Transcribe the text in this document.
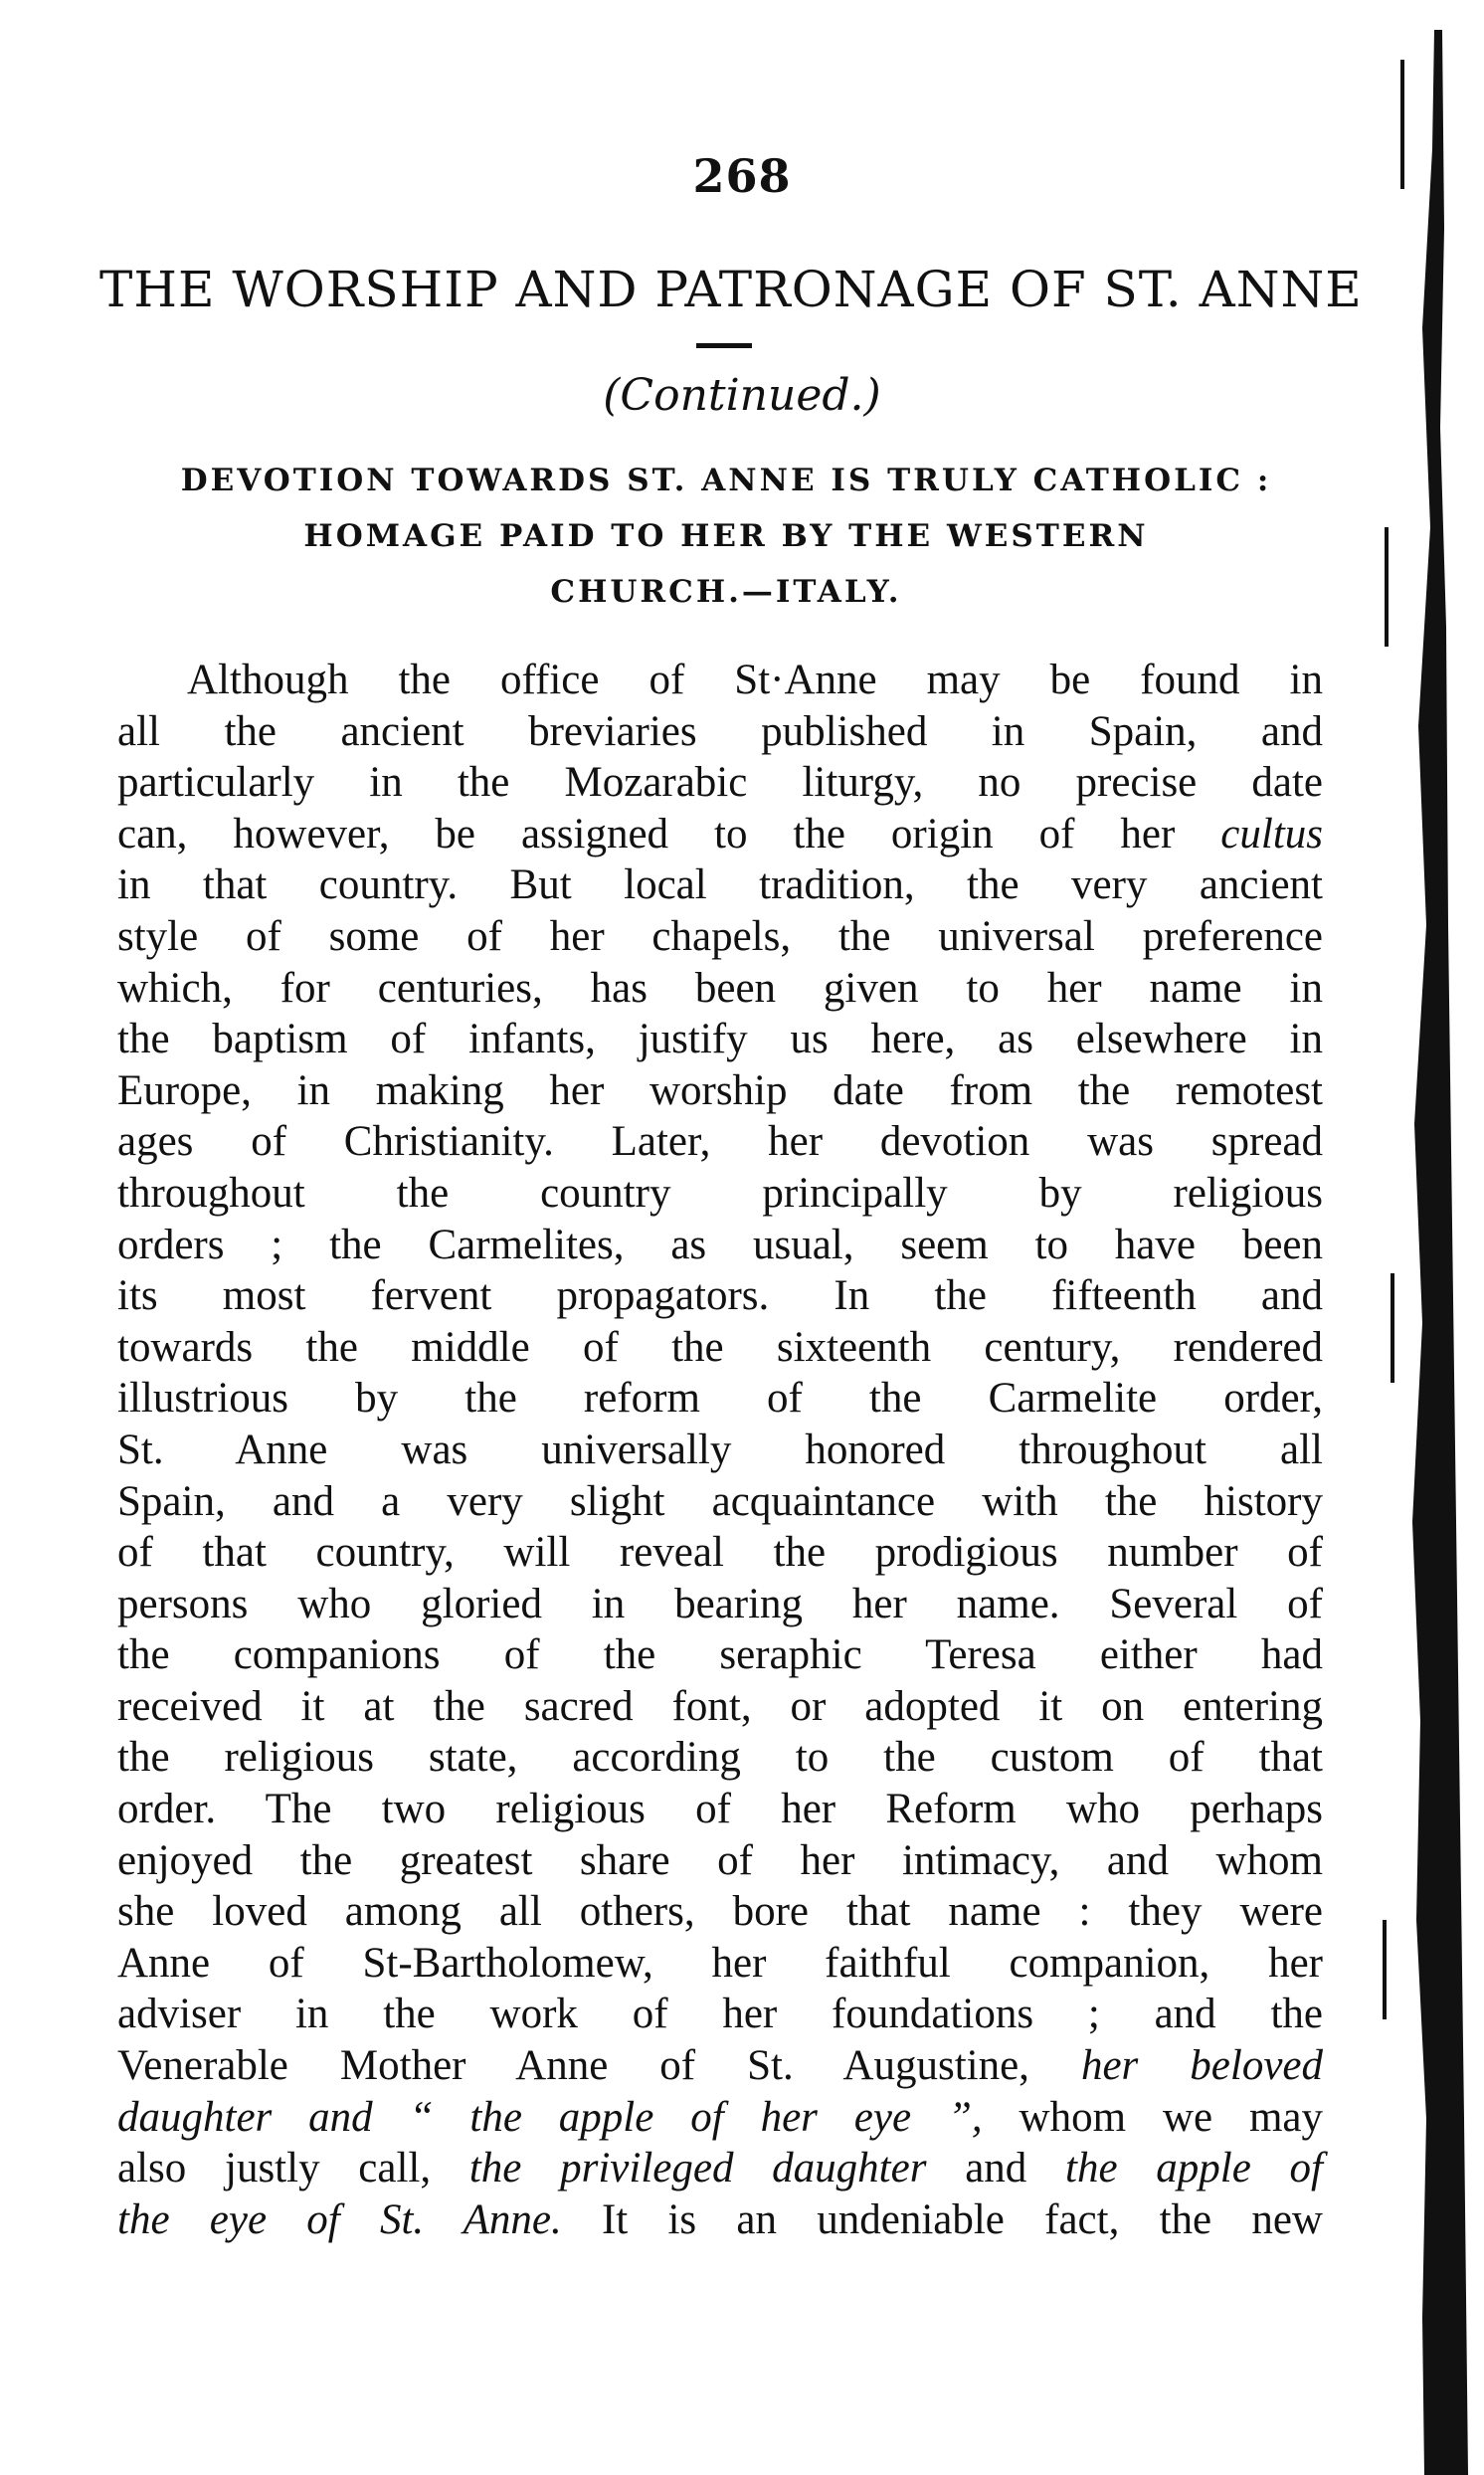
268
THE WORSHIP AND PATRONAGE OF ST. ANNE
(Continued.)
DEVOTION TOWARDS ST. ANNE IS TRULY CATHOLIC :
HOMAGE PAID TO HER BY THE WESTERN
CHURCH.—ITALY.
Although the office of St·Anne may be found in
all the ancient breviaries published in Spain, and
particularly in the Mozarabic liturgy, no precise date
can, however, be assigned to the origin of her cultus
in that country. But local tradition, the very ancient
style of some of her chapels, the universal preference
which, for centuries, has been given to her name in
the baptism of infants, justify us here, as elsewhere in
Europe, in making her worship date from the remotest
ages of Christianity. Later, her devotion was spread
throughout the country principally by religious
orders ; the Carmelites, as usual, seem to have been
its most fervent propagators. In the fifteenth and
towards the middle of the sixteenth century, rendered
illustrious by the reform of the Carmelite order,
St. Anne was universally honored throughout all
Spain, and a very slight acquaintance with the history
of that country, will reveal the prodigious number of
persons who gloried in bearing her name. Several of
the companions of the seraphic Teresa either had
received it at the sacred font, or adopted it on entering
the religious state, according to the custom of that
order. The two religious of her Reform who perhaps
enjoyed the greatest share of her intimacy, and whom
she loved among all others, bore that name : they were
Anne of St-Bartholomew, her faithful companion, her
adviser in the work of her foundations ; and the
Venerable Mother Anne of St. Augustine, her beloved
daughter and “ the apple of her eye ”, whom we may
also justly call, the privileged daughter and the apple of
the eye of St. Anne. It is an undeniable fact, the new
